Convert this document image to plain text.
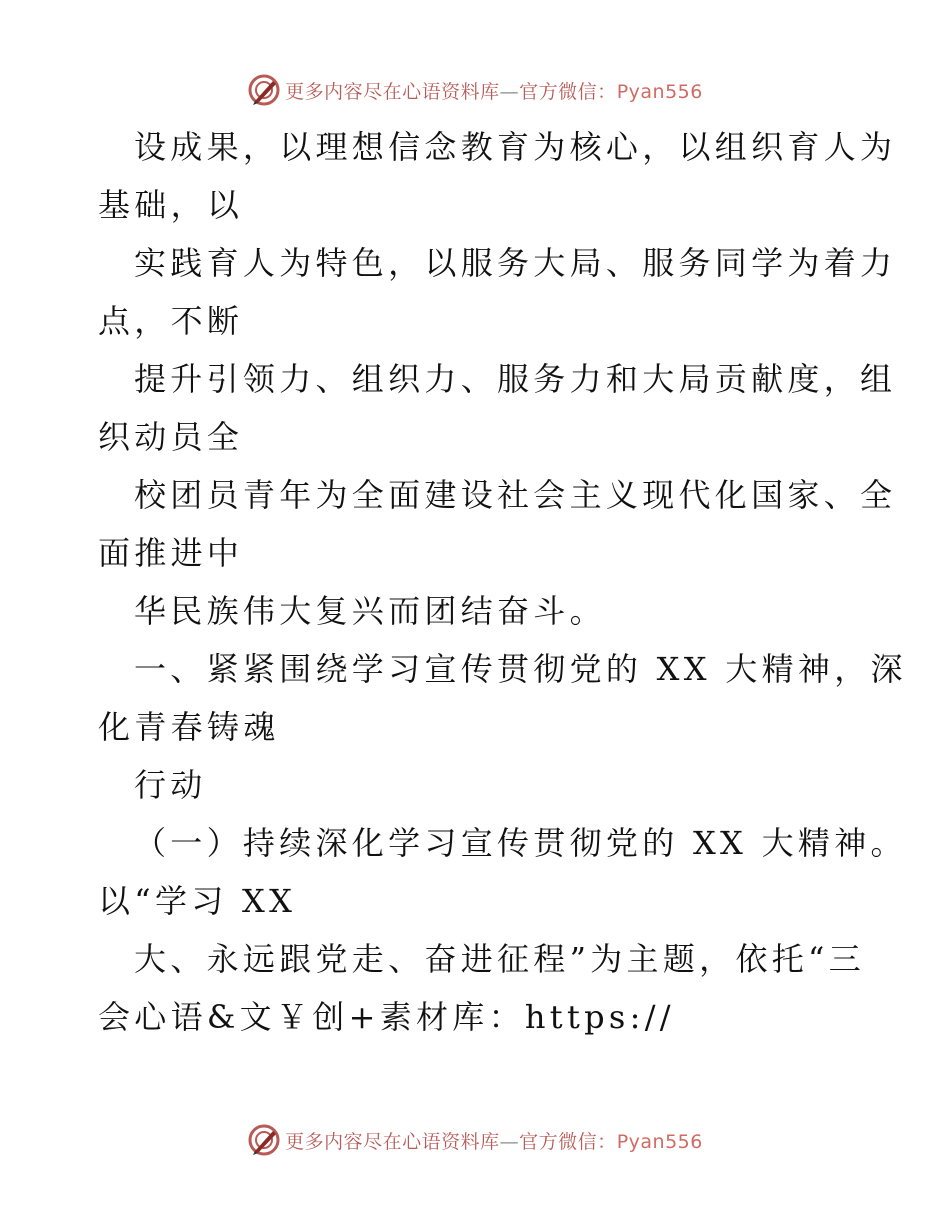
更多内容尽在心语资料库—官方微信：Pyan556
设成果，以理想信念教育为核心，以组织育人为
基础，以
实践育人为特色，以服务大局、服务同学为着力
点，不断
提升引领力、组织力、服务力和大局贡献度，组
织动员全
校团员青年为全面建设社会主义现代化国家、全
面推进中
华民族伟大复兴而团结奋斗。
一、紧紧围绕学习宣传贯彻党的 XX 大精神，深
化青春铸魂
行动
（一）持续深化学习宣传贯彻党的 XX 大精神。
以“学习 XX
大、永远跟党走、奋进征程”为主题，依托“三
会心语&文￥创+素材库：https://
更多内容尽在心语资料库—官方微信：Pyan556
